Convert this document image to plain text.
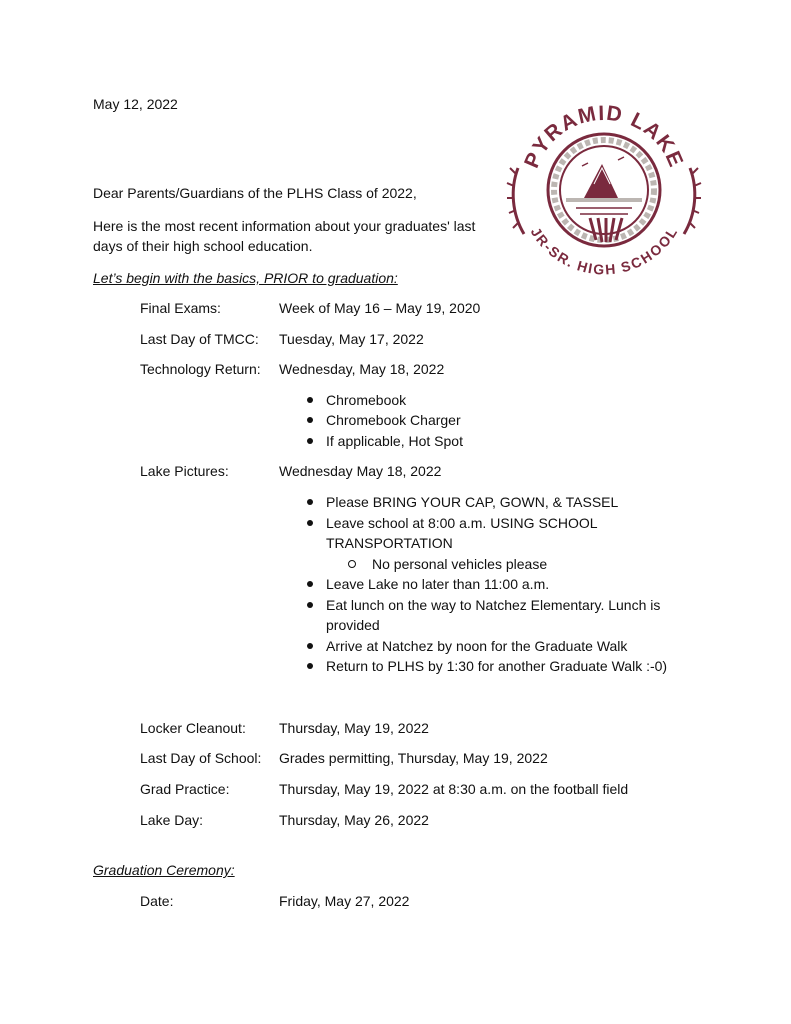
May 12, 2022
PYRAMID LAKE
JR-SR. HIGH SCHOOL
Dear Parents/Guardians of the PLHS Class of 2022,
Here is the most recent information about your graduates' last
days of their high school education.
Let’s begin with the basics, PRIOR to graduation:
Final Exams:	Week of May 16 – May 19, 2020
Last Day of TMCC: Tuesday, May 17, 2022
Technology Return: Wednesday, May 18, 2022
Chromebook
Chromebook Charger
If applicable, Hot Spot
Lake Pictures:	Wednesday May 18, 2022
Please BRING YOUR CAP, GOWN, & TASSEL
Leave school at 8:00 a.m. USING SCHOOL
TRANSPORTATION
No personal vehicles please
Leave Lake no later than 11:00 a.m.
Eat lunch on the way to Natchez Elementary. Lunch is
provided
Arrive at Natchez by noon for the Graduate Walk
Return to PLHS by 1:30 for another Graduate Walk :-0)
Locker Cleanout: Thursday, May 19, 2022
Last Day of School: Grades permitting, Thursday, May 19, 2022
Grad Practice:	Thursday, May 19, 2022 at 8:30 a.m. on the football field
Lake Day:	Thursday, May 26, 2022
Graduation Ceremony:
Date:	Friday, May 27, 2022
